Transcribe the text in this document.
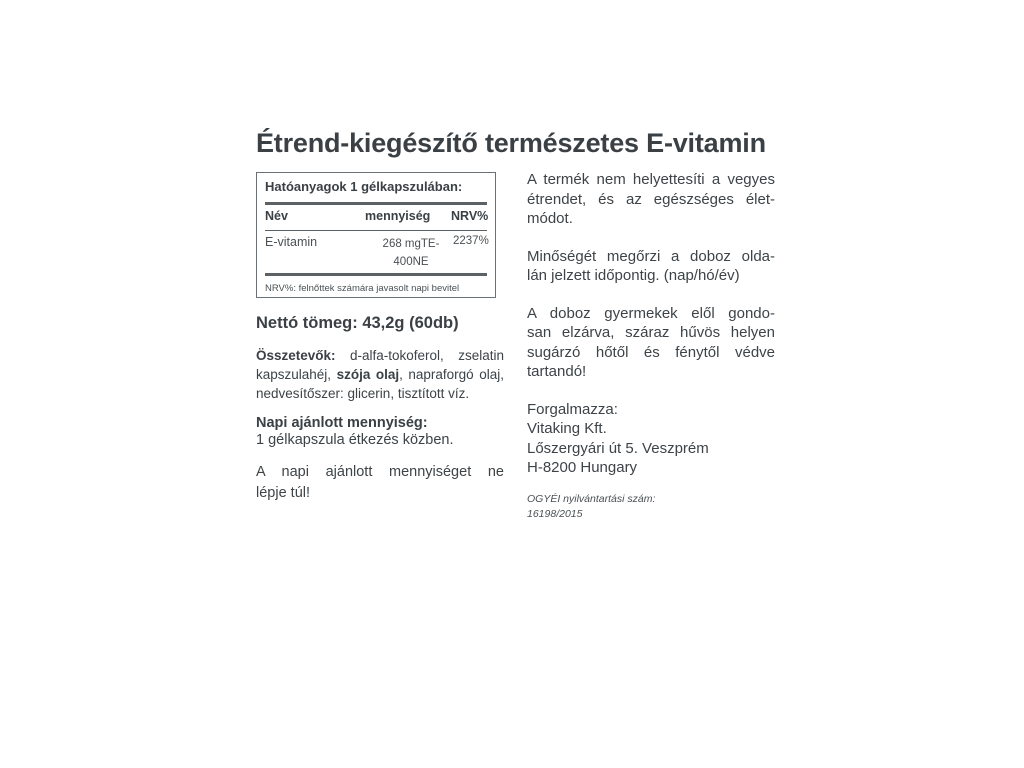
Étrend-kiegészítő természetes E-vitamin
Hatóanyagok 1 gélkapszulában:
Név	mennyiség NRV%
E-vitamin	268 mgTE-
400NE
2237%
NRV%: felnőttek számára javasolt napi bevitel
Nettó tömeg: 43,2g (60db)
Összetevők: d-alfa-tokoferol, zselatin kapszulahéj, szója olaj, napraforgó olaj, nedvesítőszer: glicerin, tisztított víz.
Napi ajánlott mennyiség:
1 gélkapszula étkezés közben.
A napi ajánlott mennyiséget ne
lépje túl!
A termék nem helyettesíti a vegyes
étrendet, és az egészséges élet-
módot.
Minőségét megőrzi a doboz olda-
lán jelzett időpontig. (nap/hó/év)
A doboz gyermekek elől gondo-
san elzárva, száraz hűvös helyen
sugárzó hőtől és fénytől védve
tartandó!
Forgalmazza:
Vitaking Kft.
Lőszergyári út 5. Veszprém
H-8200 Hungary
OGYÉI nyilvántartási szám:
16198/2015
